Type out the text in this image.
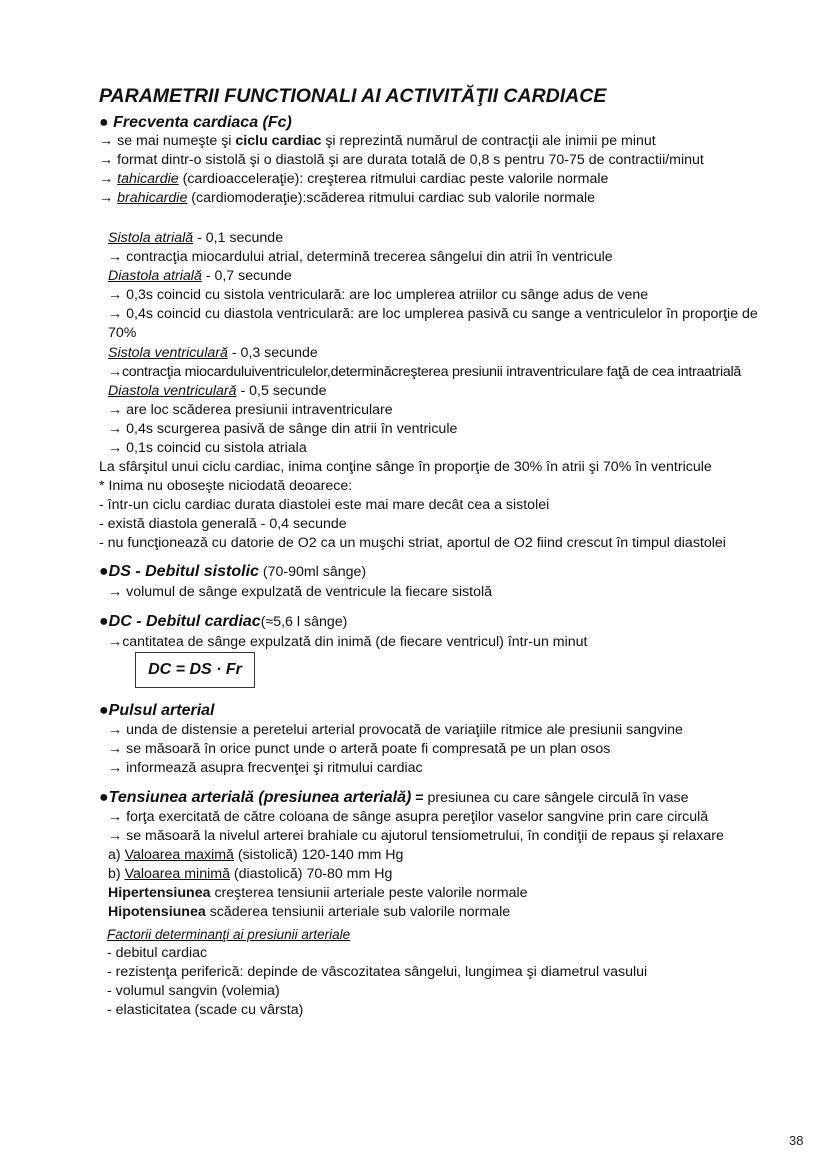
PARAMETRII FUNCTIONALI AI ACTIVITĂŢII CARDIACE
● Frecventa cardiaca (Fc)
→ se mai numeşte şi ciclu cardiac şi reprezintă numărul de contracţii ale inimii pe minut
→ format dintr-o sistolă şi o diastolă şi are durata totală de 0,8 s pentru 70-75 de contractii/minut
→ tahicardie (cardioacceleraţie): creşterea ritmului cardiac peste valorile normale
→ brahicardie (cardiomoderaţie):scăderea ritmului cardiac sub valorile normale
Sistola atrială - 0,1 secunde
→ contracţia miocardului atrial, determină trecerea sângelui din atrii în ventricule
Diastola atrială - 0,7 secunde
→ 0,3s coincid cu sistola ventriculară: are loc umplerea atriilor cu sânge adus de vene
→ 0,4s coincid cu diastola ventriculară: are loc umplerea pasivă cu sange a ventriculelor în proporţie de
70%
Sistola ventriculară - 0,3 secunde
→contracţia miocarduluiventriculelor,determinăcreşterea presiunii intraventriculare faţă de cea intraatrială
Diastola ventriculară - 0,5 secunde
→ are loc scăderea presiunii intraventriculare
→ 0,4s scurgerea pasivă de sânge din atrii în ventricule
→ 0,1s coincid cu sistola atriala
La sfârşitul unui ciclu cardiac, inima conţine sânge în proporţie de 30% în atrii şi 70% în ventricule
* Inima nu oboseşte niciodată deoarece:
- într-un ciclu cardiac durata diastolei este mai mare decât cea a sistolei
- există diastola generală - 0,4 secunde
- nu funcţionează cu datorie de O2 ca un muşchi striat, aportul de O2 fiind crescut în timpul diastolei
●DS - Debitul sistolic (70-90ml sânge)
→ volumul de sânge expulzată de ventricule la fiecare sistolă
●DC - Debitul cardiac(≈5,6 l sânge)
→cantitatea de sânge expulzată din inimă (de fiecare ventricul) într-un minut
DC = DS · Fr
●Pulsul arterial
→ unda de distensie a peretelui arterial provocată de variaţiile ritmice ale presiunii sangvine
→ se măsoară în orice punct unde o arteră poate fi compresată pe un plan osos
→ informează asupra frecvenţei şi ritmului cardiac
●Tensiunea arterială (presiunea arterială) = presiunea cu care sângele circulă în vase
→ forţa exercitată de către coloana de sânge asupra pereţilor vaselor sangvine prin care circulă
→ se măsoară la nivelul arterei brahiale cu ajutorul tensiometrului, în condiţii de repaus şi relaxare
a) Valoarea maximă (sistolică) 120-140 mm Hg
b) Valoarea minimă (diastolică) 70-80 mm Hg
Hipertensiunea creşterea tensiunii arteriale peste valorile normale
Hipotensiunea scăderea tensiunii arteriale sub valorile normale
Factorii determinanţi ai presiunii arteriale
- debitul cardiac
- rezistenţa periferică: depinde de vâscozitatea sângelui, lungimea şi diametrul vasului
- volumul sangvin (volemia)
- elasticitatea (scade cu vârsta)
38
